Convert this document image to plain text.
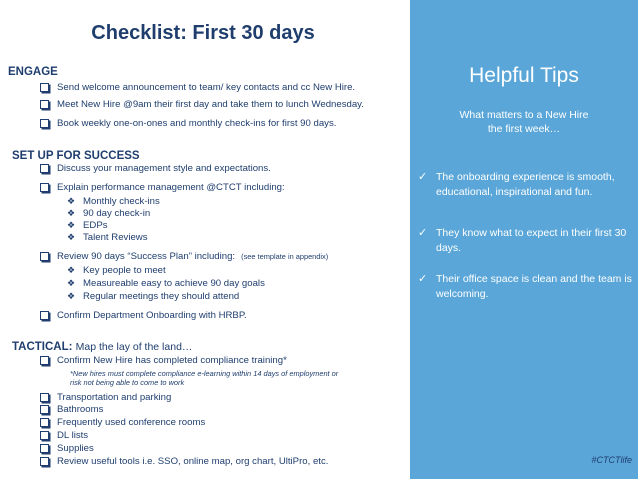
Checklist: First 30 days
ENGAGE
Send welcome announcement to team/ key contacts and cc New Hire.
Meet New Hire @9am their first day and take them to lunch Wednesday.
Book weekly one-on-ones and monthly check-ins for first 90 days.
SET UP FOR SUCCESS
Discuss your management style and expectations.
Explain performance management @CTCT including:
❖ Monthly check-ins
❖ 90 day check-in
❖ EDPs
❖ Talent Reviews
Review 90 days “Success Plan” including: (see template in appendix)
❖ Key people to meet
❖ Measureable easy to achieve 90 day goals
❖ Regular meetings they should attend
Confirm Department Onboarding with HRBP.
TACTICAL: Map the lay of the land…
Confirm New Hire has completed compliance training*
*New hires must complete compliance e-learning within 14 days of employment or
risk not being able to come to work
Transportation and parking
Bathrooms
Frequently used conference rooms
DL lists
Supplies
Review useful tools i.e. SSO, online map, org chart, UltiPro, etc.
Helpful Tips
What matters to a New Hire
the first week…
✓ The onboarding experience is smooth, educational, inspirational and fun.
✓ They know what to expect in their first 30 days.
✓ Their office space is clean and the team is welcoming.
#CTCTlife
